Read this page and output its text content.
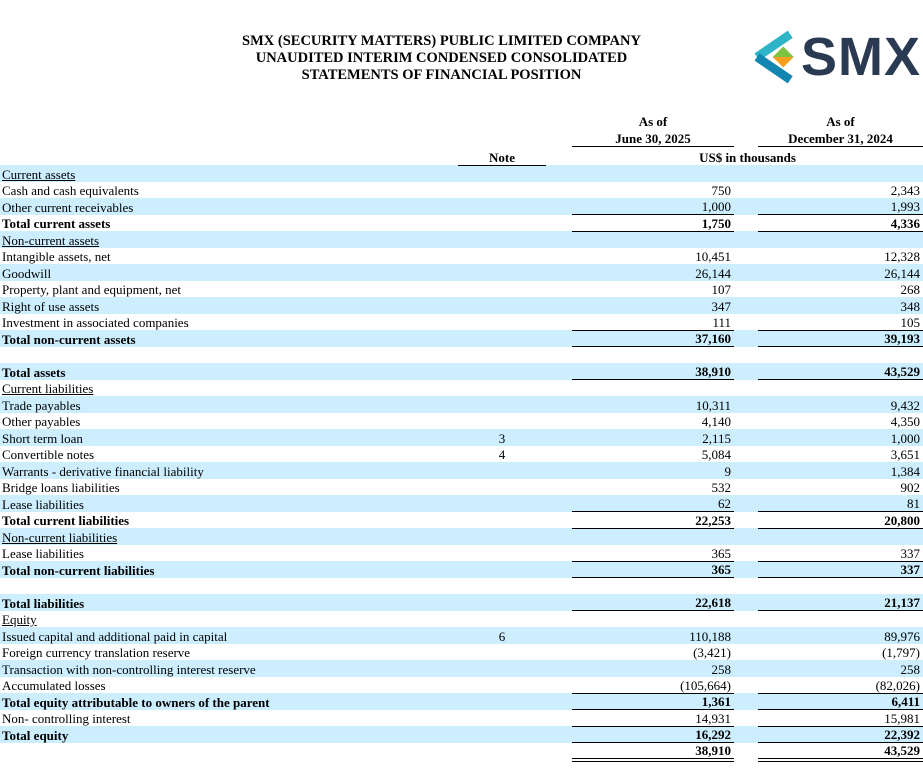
SMX (SECURITY MATTERS) PUBLIC LIMITED COMPANY
UNAUDITED INTERIM CONDENSED CONSOLIDATED
STATEMENTS OF FINANCIAL POSITION	SMX
			As of		As of
			June 30, 2025		December 31, 2024
	Note		US$ in thousands		
Current assets					
Cash and cash equivalents			750		2,343
Other current receivables			1,000		1,993
Total current assets			1,750		4,336
Non-current assets					
Intangible assets, net			10,451		12,328
Goodwill			26,144		26,144
Property, plant and equipment, net			107		268
Right of use assets			347		348
Investment in associated companies			111		105
Total non-current assets			37,160		39,193

Total assets			38,910		43,529
Current liabilities					
Trade payables			10,311		9,432
Other payables			4,140		4,350
Short term loan	3		2,115		1,000
Convertible notes	4		5,084		3,651
Warrants - derivative financial liability			9		1,384
Bridge loans liabilities			532		902
Lease liabilities			62		81
Total current liabilities			22,253		20,800
Non-current liabilities					
Lease liabilities			365		337
Total non-current liabilities			365		337

Total liabilities			22,618		21,137
Equity					
Issued capital and additional paid in capital	6		110,188		89,976
Foreign currency translation reserve			(3,421)		(1,797)
Transaction with non-controlling interest reserve			258		258
Accumulated losses			(105,664)		(82,026)
Total equity attributable to owners of the parent			1,361		6,411
Non- controlling interest			14,931		15,981
Total equity			16,292		22,392
			38,910		43,529
